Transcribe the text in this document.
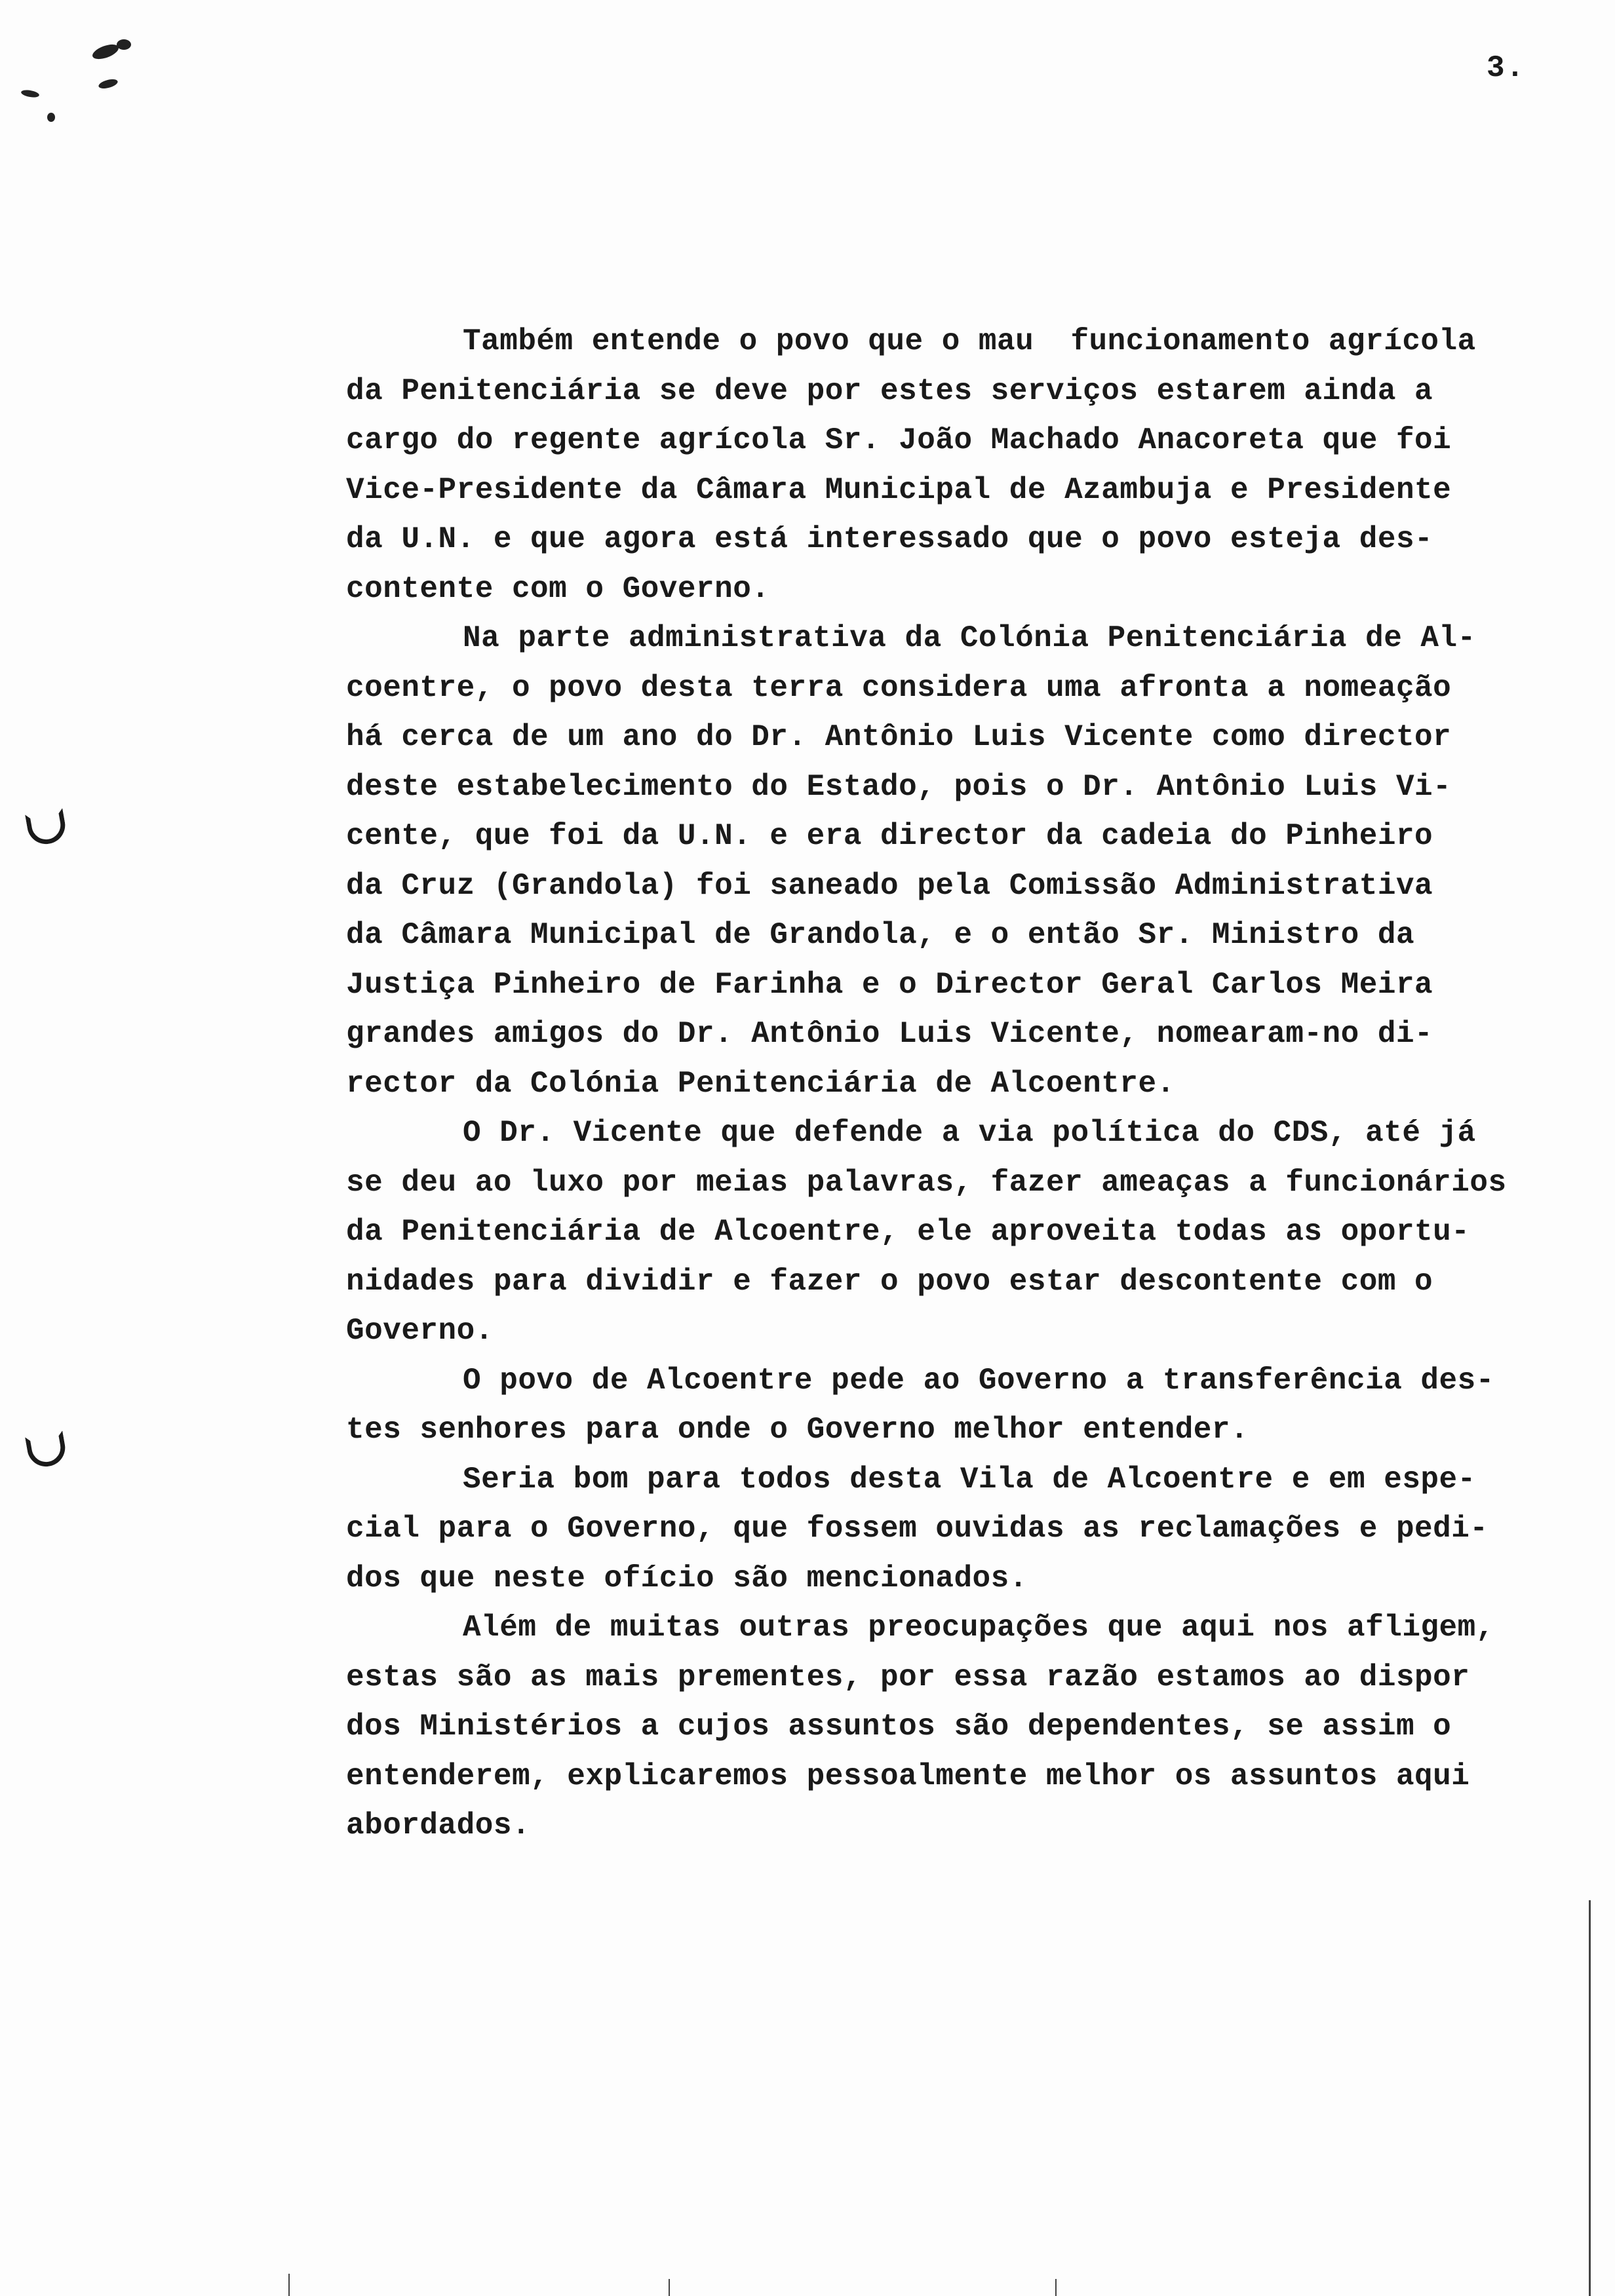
3.
Também entende o povo que o mau  funcionamento agrícola
da Penitenciária se deve por estes serviços estarem ainda a
cargo do regente agrícola Sr. João Machado Anacoreta que foi
Vice-Presidente da Câmara Municipal de Azambuja e Presidente
da U.N. e que agora está interessado que o povo esteja des-
contente com o Governo.
Na parte administrativa da Colónia Penitenciária de Al-
coentre, o povo desta terra considera uma afronta a nomeação
há cerca de um ano do Dr. Antônio Luis Vicente como director
deste estabelecimento do Estado, pois o Dr. Antônio Luis Vi-
cente, que foi da U.N. e era director da cadeia do Pinheiro
da Cruz (Grandola) foi saneado pela Comissão Administrativa
da Câmara Municipal de Grandola, e o então Sr. Ministro da
Justiça Pinheiro de Farinha e o Director Geral Carlos Meira
grandes amigos do Dr. Antônio Luis Vicente, nomearam-no di-
rector da Colónia Penitenciária de Alcoentre.
O Dr. Vicente que defende a via política do CDS, até já
se deu ao luxo por meias palavras, fazer ameaças a funcionários
da Penitenciária de Alcoentre, ele aproveita todas as oportu-
nidades para dividir e fazer o povo estar descontente com o
Governo.
O povo de Alcoentre pede ao Governo a transferência des-
tes senhores para onde o Governo melhor entender.
Seria bom para todos desta Vila de Alcoentre e em espe-
cial para o Governo, que fossem ouvidas as reclamações e pedi-
dos que neste ofício são mencionados.
Além de muitas outras preocupações que aqui nos afligem,
estas são as mais prementes, por essa razão estamos ao dispor
dos Ministérios a cujos assuntos são dependentes, se assim o
entenderem, explicaremos pessoalmente melhor os assuntos aqui
abordados.
